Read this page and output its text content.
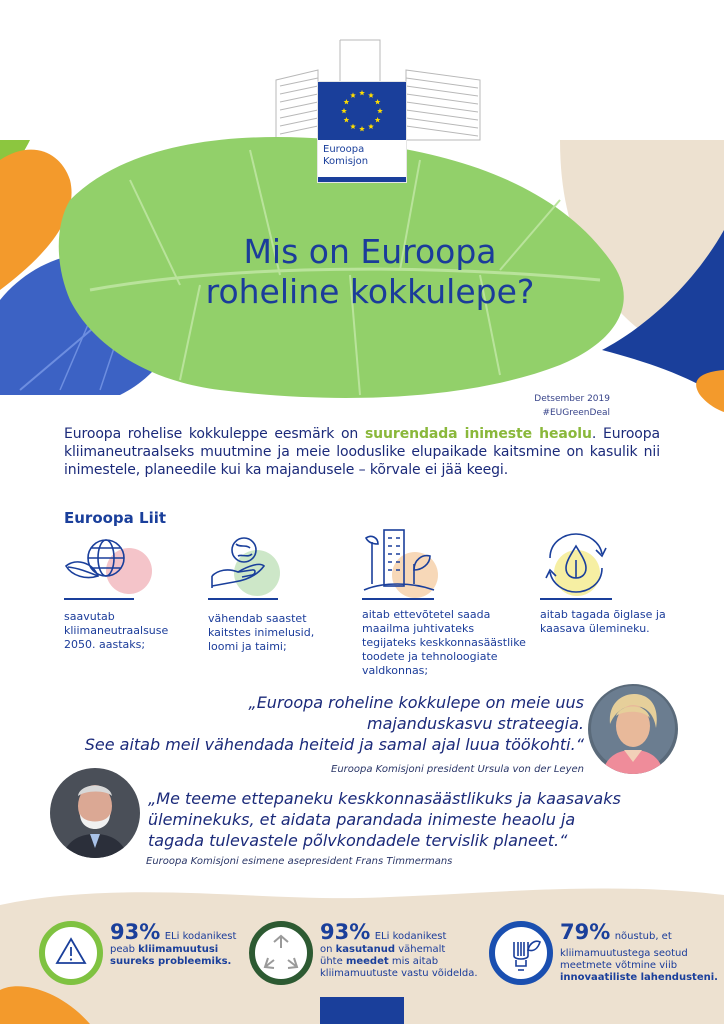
Euroopa
Komisjon
Mis on Euroopa
roheline kokkulepe?
Detsember 2019
#EUGreenDeal
Euroopa rohelise kokkuleppe eesmärk on suurendada inimeste heaolu. Euroopa kliimaneutraalseks muutmine ja meie looduslike elupaikade kaitsmine on kasulik nii inimestele, planeedile kui ka majandusele – kõrvale ei jää keegi.
Euroopa Liit
saavutab
kliimaneutraalsuse
2050. aastaks;
vähendab saastet
kaitstes inimelusid,
loomi ja taimi;
aitab ettevõtetel saada
maailma juhtivateks
tegijateks keskkonnasäästlike
toodete ja tehnoloogiate
valdkonnas;
aitab tagada õiglase ja
kaasava ülemineku.
„Euroopa roheline kokkulepe on meie uus
majanduskasvu strateegia.
See aitab meil vähendada heiteid ja samal ajal luua töökohti.“
Euroopa Komisjoni president Ursula von der Leyen
„Me teeme ettepaneku keskkonnasäästlikuks ja kaasavaks
üleminekuks, et aidata parandada inimeste heaolu ja
tagada tulevastele põlvkondadele tervislik planeet.“
Euroopa Komisjoni esimene asepresident Frans Timmermans
93% ELi kodanikest
peab kliimamuutusi
suureks probleemiks.
93% ELi kodanikest
on kasutanud vähemalt
ühte meedet mis aitab
kliimamuutuste vastu võidelda.
79% nõustub, et
kliimamuutustega seotud
meetmete võtmine viib
innovaatiliste lahendusteni.
